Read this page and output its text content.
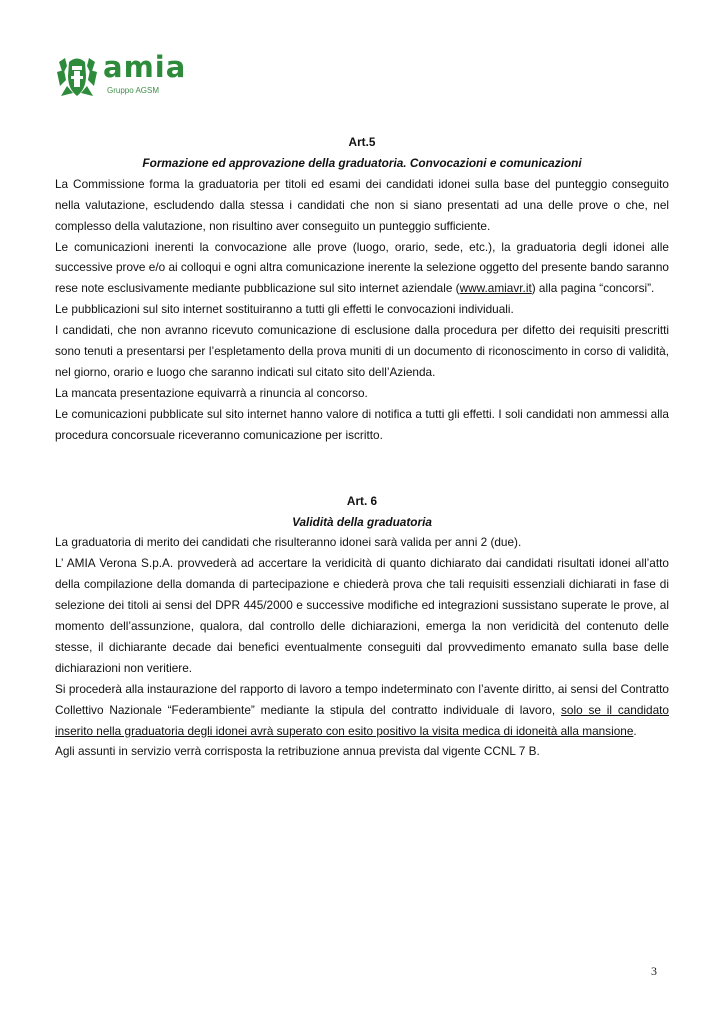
amia
Gruppo AGSM
Art.5
Formazione ed approvazione della graduatoria. Convocazioni e comunicazioni

La Commissione forma la graduatoria per titoli ed esami dei candidati idonei sulla base del punteggio conseguito nella valutazione, escludendo dalla stessa i candidati che non si siano presentati ad una delle prove o che, nel complesso della valutazione, non risultino aver conseguito un punteggio sufficiente.

Le comunicazioni inerenti la convocazione alle prove (luogo, orario, sede, etc.), la graduatoria degli idonei alle successive prove e/o ai colloqui e ogni altra comunicazione inerente la selezione oggetto del presente bando saranno rese note esclusivamente mediante pubblicazione sul sito internet aziendale (www.amiavr.it) alla pagina “concorsi”.

Le pubblicazioni sul sito internet sostituiranno a tutti gli effetti le convocazioni individuali.

I candidati, che non avranno ricevuto comunicazione di esclusione dalla procedura per difetto dei requisiti prescritti sono tenuti a presentarsi per l’espletamento della prova muniti di un documento di riconoscimento in corso di validità, nel giorno, orario e luogo che saranno indicati sul citato sito dell’Azienda.

La mancata presentazione equivarrà a rinuncia al concorso.

Le comunicazioni pubblicate sul sito internet hanno valore di notifica a tutti gli effetti. I soli candidati non ammessi alla procedura concorsuale riceveranno comunicazione per iscritto.

Art. 6
Validità della graduatoria

La graduatoria di merito dei candidati che risulteranno idonei sarà valida per anni 2 (due).

L’ AMIA Verona S.p.A. provvederà ad accertare la veridicità di quanto dichiarato dai candidati risultati idonei all’atto della compilazione della domanda di partecipazione e chiederà prova che tali requisiti essenziali dichiarati in fase di selezione dei titoli ai sensi del DPR 445/2000 e successive modifiche ed integrazioni sussistano superate le prove, al momento dell’assunzione, qualora, dal controllo delle dichiarazioni, emerga la non veridicità del contenuto delle stesse, il dichiarante decade dai benefici eventualmente conseguiti dal provvedimento emanato sulla base delle dichiarazioni non veritiere.

Si procederà alla instaurazione del rapporto di lavoro a tempo indeterminato con l’avente diritto, ai sensi del Contratto Collettivo Nazionale “Federambiente” mediante la stipula del contratto individuale di lavoro, solo se il candidato inserito nella graduatoria degli idonei avrà superato con esito positivo la visita medica di idoneità alla mansione.

Agli assunti in servizio verrà corrisposta la retribuzione annua prevista dal vigente CCNL 7 B.

3
